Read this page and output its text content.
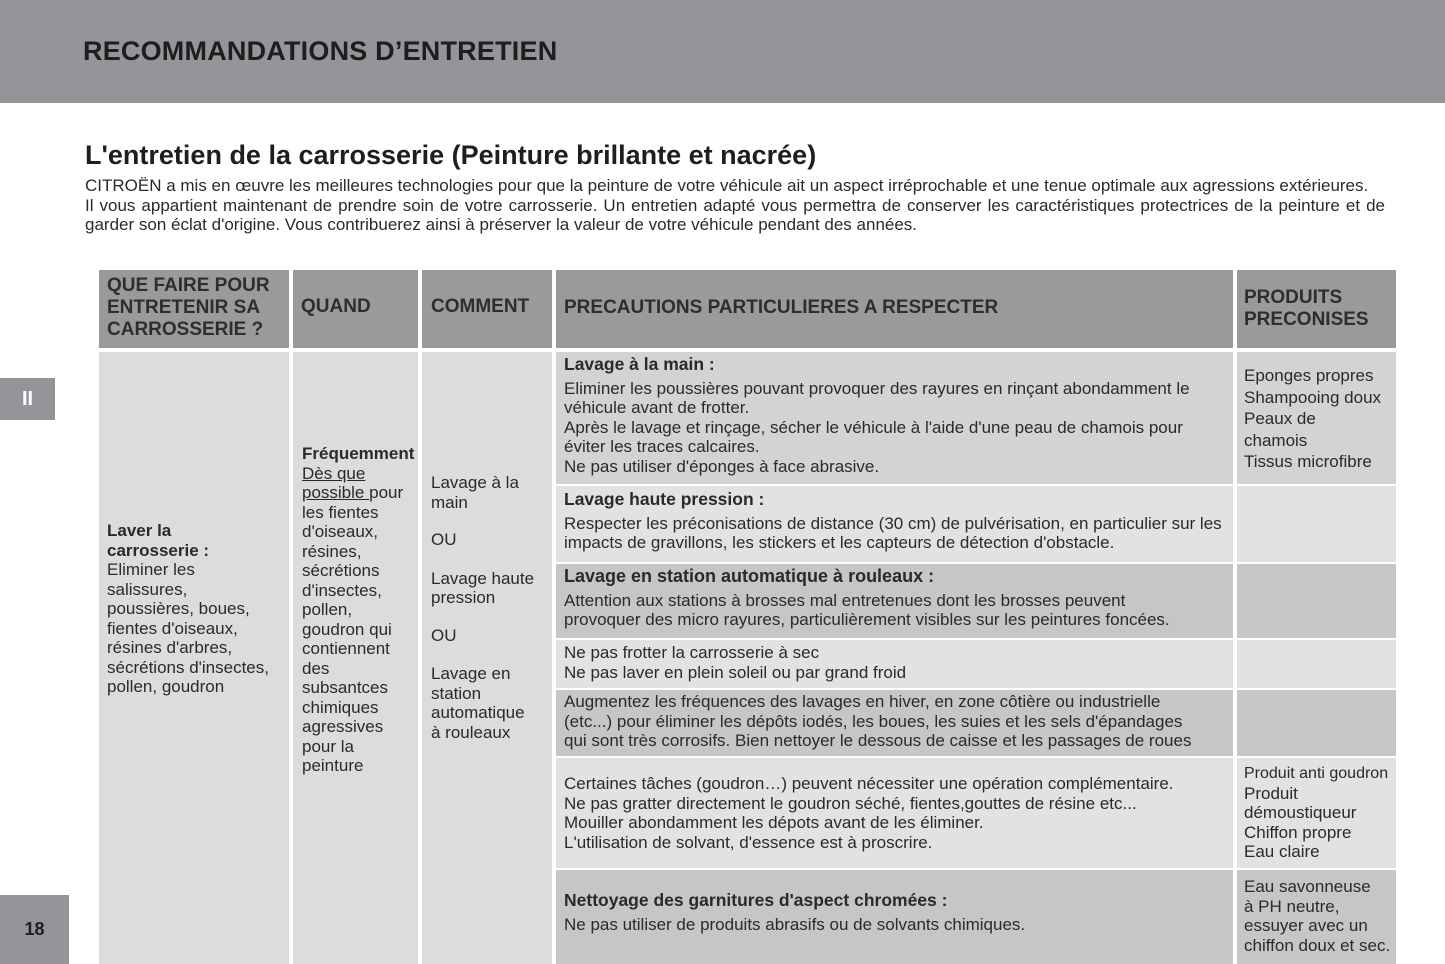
RECOMMANDATIONS D’ENTRETIEN
II
18
L'entretien de la carrosserie (Peinture brillante et nacrée)

CITROËN a mis en œuvre les meilleures technologies pour que la peinture de votre véhicule ait un aspect irréprochable et une tenue optimale aux agressions extérieures.

Il vous appartient maintenant de prendre soin de votre carrosserie. Un entretien adapté vous permettra de conserver les caractéristiques protectrices de la peinture et de garder son éclat d'origine. Vous contribuerez ainsi à préserver la valeur de votre véhicule pendant des années.

QUE FAIRE POUR
ENTRETENIR SA
CARROSSERIE ?
QUAND	COMMENT PRECAUTIONS PARTICULIERES A RESPECTER	PRODUITS
PRECONISES
Laver la
carrosserie :
Eliminer les
salissures,
poussières, boues,
fientes d'oiseaux,
résines d'arbres,
sécrétions d'insectes,
pollen, goudron
Fréquemment
Dès que
possible pour
les fientes
d'oiseaux,
résines,
sécrétions
d'insectes,
pollen,
goudron qui
contiennent
des
subsantces
chimiques
agressives
pour la
peinture
Lavage à la
main
OU
Lavage haute
pression
OU
Lavage en
station
automatique
à rouleaux
Lavage à la main :

Eliminer les poussières pouvant provoquer des rayures en rinçant abondamment le

véhicule avant de frotter.

Après le lavage et rinçage, sécher le véhicule à l'aide d'une peau de chamois pour

éviter les traces calcaires.

Ne pas utiliser d'éponges à face abrasive.

Lavage haute pression :

Respecter les préconisations de distance (30 cm) de pulvérisation, en particulier sur les

impacts de gravillons, les stickers et les capteurs de détection d'obstacle.

Lavage en station automatique à rouleaux :

Attention aux stations à brosses mal entretenues dont les brosses peuvent

provoquer des micro rayures, particulièrement visibles sur les peintures foncées.

Ne pas frotter la carrosserie à sec

Ne pas laver en plein soleil ou par grand froid

Augmentez les fréquences des lavages en hiver, en zone côtière ou industrielle

(etc...) pour éliminer les dépôts iodés, les boues, les suies et les sels d'épandages

qui sont très corrosifs. Bien nettoyer le dessous de caisse et les passages de roues

Certaines tâches (goudron…) peuvent nécessiter une opération complémentaire.

Ne pas gratter directement le goudron séché, fientes,gouttes de résine etc...

Mouiller abondamment les dépots avant de les éliminer.

L'utilisation de solvant, d'essence est à proscrire.

Nettoyage des garnitures d'aspect chromées :

Ne pas utiliser de produits abrasifs ou de solvants chimiques.

Eponges propres
Shampooing doux
Peaux de
chamois
Tissus microfibre
Produit anti goudron
Produit
démoustiqueur
Chiffon propre
Eau claire
Eau savonneuse
à PH neutre,
essuyer avec un
chiffon doux et sec.
